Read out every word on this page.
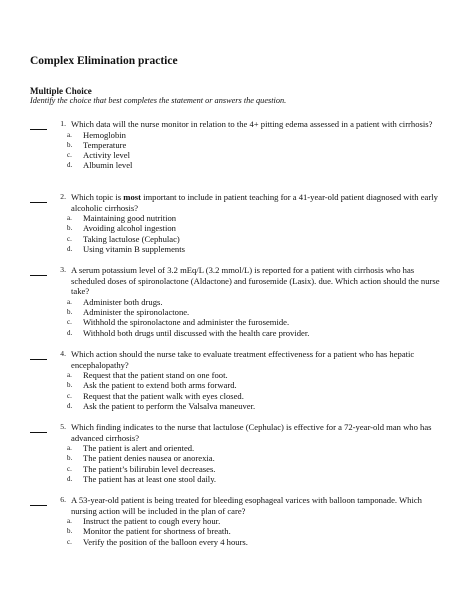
Complex Elimination practice
Multiple Choice
Identify the choice that best completes the statement or answers the question.
1. Which data will the nurse monitor in relation to the 4+ pitting edema assessed in a patient with cirrhosis?
a.	Hemoglobin
b.	Temperature
c.	Activity level
d.	Albumin level
2. Which topic is most important to include in patient teaching for a 41-year-old patient diagnosed with early alcoholic cirrhosis?
a.	Maintaining good nutrition
b.	Avoiding alcohol ingestion
c.	Taking lactulose (Cephulac)
d.	Using vitamin B supplements
3. A serum potassium level of 3.2 mEq/L (3.2 mmol/L) is reported for a patient with cirrhosis who has scheduled doses of spironolactone (Aldactone) and furosemide (Lasix). due. Which action should the nurse take?
a.	Administer both drugs.
b.	Administer the spironolactone.
c.	Withhold the spironolactone and administer the furosemide.
d.	Withhold both drugs until discussed with the health care provider.
4. Which action should the nurse take to evaluate treatment effectiveness for a patient who has hepatic encephalopathy?
a.	Request that the patient stand on one foot.
b.	Ask the patient to extend both arms forward.
c.	Request that the patient walk with eyes closed.
d.	Ask the patient to perform the Valsalva maneuver.
5. Which finding indicates to the nurse that lactulose (Cephulac) is effective for a 72-year-old man who has advanced cirrhosis?
a.	The patient is alert and oriented.
b.	The patient denies nausea or anorexia.
c.	The patient’s bilirubin level decreases.
d.	The patient has at least one stool daily.
6. A 53-year-old patient is being treated for bleeding esophageal varices with balloon tamponade. Which nursing action will be included in the plan of care?
a.	Instruct the patient to cough every hour.
b.	Monitor the patient for shortness of breath.
c.	Verify the position of the balloon every 4 hours.
